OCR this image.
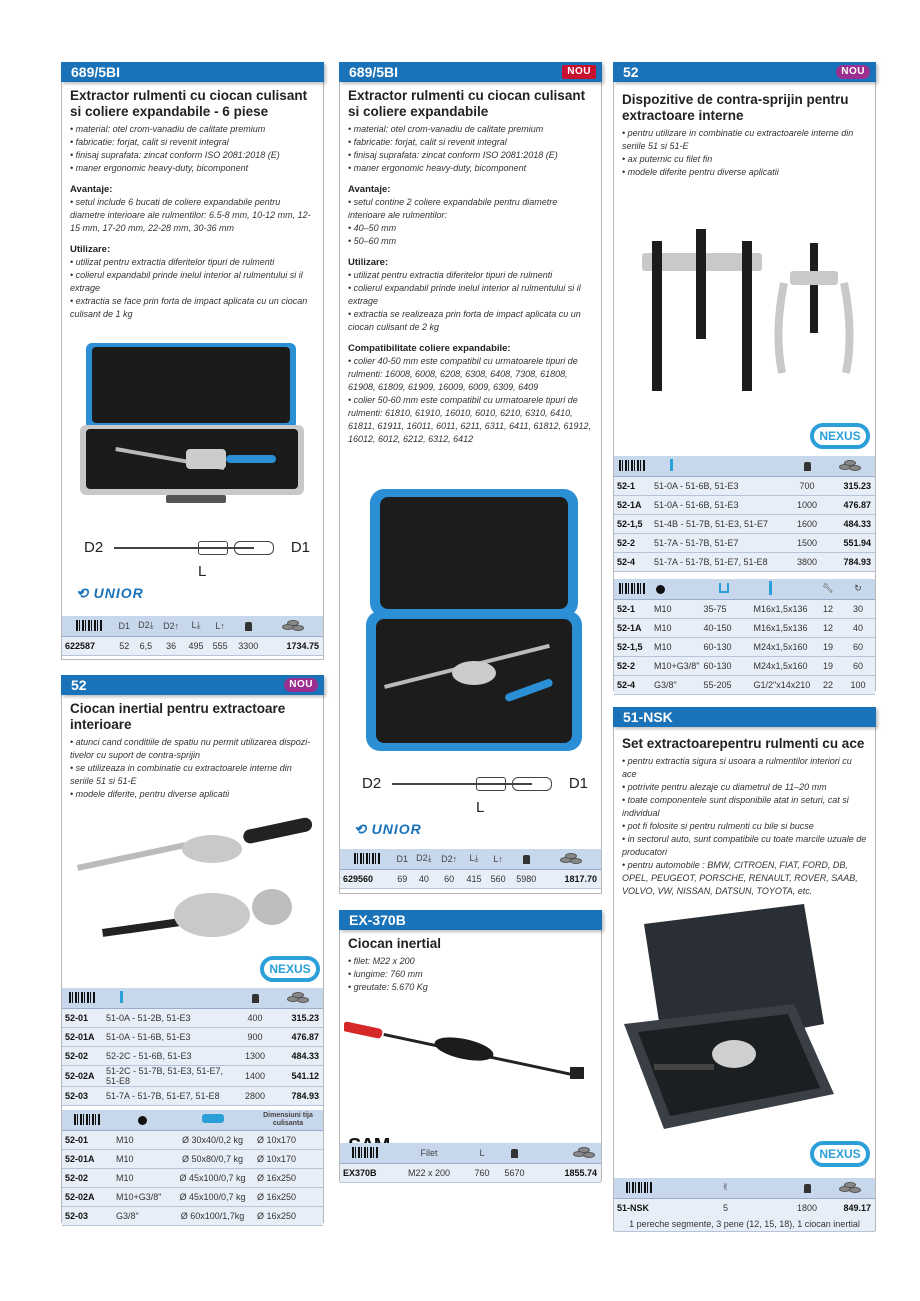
689/5BI
Extractor rulmenti cu ciocan culisant si coliere expandabile - 6 piese
• material: otel crom-vanadiu de calitate premium
• fabricatie: forjat, calit si revenit integral
• finisaj suprafata: zincat conform ISO 2081:2018 (E)
• maner ergonomic heavy-duty, bicomponent
Avantaje:
• setul include 6 bucati de coliere expandabile pentru diametre interioare ale rulmentilor: 6.5-8 mm, 10-12 mm, 12-15 mm, 17-20 mm, 22-28 mm, 30-36 mm
Utilizare:
• utilizat pentru extractia diferitelor tipuri de rulmenti
• colierul expandabil prinde inelul interior al rulmentului si il extrage
• extractia se face prin forta de impact aplicata cu un ciocan culisant de 1 kg
D2	D1
L
⟲ UNIOR
	D1	D2⤓	D2↑	L⤓	L↑		

622587	52	6,5	36	495	555	3300	1734.75
52	NOU
Ciocan inertial pentru extractoare interioare
• atunci cand conditiile de spatiu nu permit utilizarea dispozi-tivelor cu suport de contra-sprijin
• se utilizeaza in combinatie cu extractoarele interne din seriile 51 si 51-E
• modele diferite, pentru diverse aplicatii
NEXUS

52-01	51-0A - 51-2B, 51-E3	400	315.23
52-01A	51-0A - 51-6B, 51-E3	900	476.87
52-02	52-2C - 51-6B, 51-E3	1300	484.33
52-02A	51-2C - 51-7B, 51-E3, 51-E7, 51-E8	1400	541.12
52-03	51-7A - 51-7B, 51-E7, 51-E8	2800	784.93
			Dimensiuni tija culisanta
52-01	M10	Ø 30x40/0,2 kg	Ø 10x170
52-01A	M10	Ø 50x80/0,7 kg	Ø 10x170
52-02	M10	Ø 45x100/0,7 kg	Ø 16x250
52-02A	M10+G3/8"	Ø 45x100/0,7 kg	Ø 16x250
52-03	G3/8"	Ø 60x100/1,7kg	Ø 16x250
689/5BI	NOU
Extractor rulmenti cu ciocan culisant si coliere expandabile
• material: otel crom-vanadiu de calitate premium
• fabricatie: forjat, calit si revenit integral
• finisaj suprafata: zincat conform ISO 2081:2018 (E)
• maner ergonomic heavy-duty, bicomponent
Avantaje:
• setul contine 2 coliere expandabile pentru diametre interioare ale rulmentilor:
• 40–50 mm
• 50–60 mm
Utilizare:
• utilizat pentru extractia diferitelor tipuri de rulmenti
• colierul expandabil prinde inelul interior al rulmentului si il extrage
• extractia se realizeaza prin forta de impact aplicata cu un ciocan culisant de 2 kg
Compatibilitate coliere expandabile:
• colier 40-50 mm este compatibil cu urmatoarele tipuri de rulmenti: 16008, 6008, 6208, 6308, 6408, 7308, 61808, 61908, 61809, 61909, 16009, 6009, 6309, 6409
• colier 50-60 mm este compatibil cu urmatoarele tipuri de rulmenti: 61810, 61910, 16010, 6010, 6210, 6310, 6410, 61811, 61911, 16011, 6011, 6211, 6311, 6411, 61812, 61912, 16012, 6012, 6212, 6312, 6412
D2	D1
L
⟲ UNIOR
	D1	D2⤓	D2↑	L⤓	L↑		

629560	69	40	60	415	560	5980	1817.70
EX-370B
Ciocan inertial
• filet: M22 x 200
• lungime: 760 mm
• greutate: 5.670 Kg
	Filet	L		

EX370B	M22 x 200	760	5670	1855.74
52	NOU
Dispozitive de contra-sprijin pentru extractoare interne
• pentru utilizare in combinatie cu extractoarele interne din seriile 51 si 51-E
• ax puternic cu filet fin
• modele diferite pentru diverse aplicatii
NEXUS

52-1	51-0A - 51-6B, 51-E3	700	315.23
52-1A	51-0A - 51-6B, 51-E3	1000	476.87
52-1,5	51-4B - 51-7B, 51-E3, 51-E7	1600	484.33
52-2	51-7A - 51-7B, 51-E7	1500	551.94
52-4	51-7A - 51-7B, 51-E7, 51-E8	3800	784.93
				🔧︎	↻
52-1	M10	35-75	M16x1,5x136	12	30
52-1A	M10	40-150	M16x1,5x136	12	40
52-1,5	M10	60-130	M24x1,5x160	19	60
52-2	M10+G3/8"	60-130	M24x1,5x160	19	60
52-4	G3/8"	55-205	G1/2"x14x210	22	100
51-NSK
Set extractoarepentru rulmenti cu ace
• pentru extractia sigura si usoara a rulmentilor interiori cu ace
• potrivite pentru alezaje cu diametrul de 11–20 mm
• toate componentele sunt disponibile atat in seturi, cat si individual
• pot fi folosite si pentru rulmenti cu bile si bucse
• in sectorul auto, sunt compatibile cu toate marcile uzuale de producatori
• pentru automobile : BMW, CITROEN, FIAT, FORD, DB, OPEL, PEUGEOT, PORSCHE, RENAULT, ROVER, SAAB, VOLVO, VW, NISSAN, DATSUN, TOYOTA, etc.
NEXUS
	✌︎		

51-NSK	5	1800	849.17
1 pereche segmente, 3 pene (12, 15, 18), 1 ciocan inertial			
